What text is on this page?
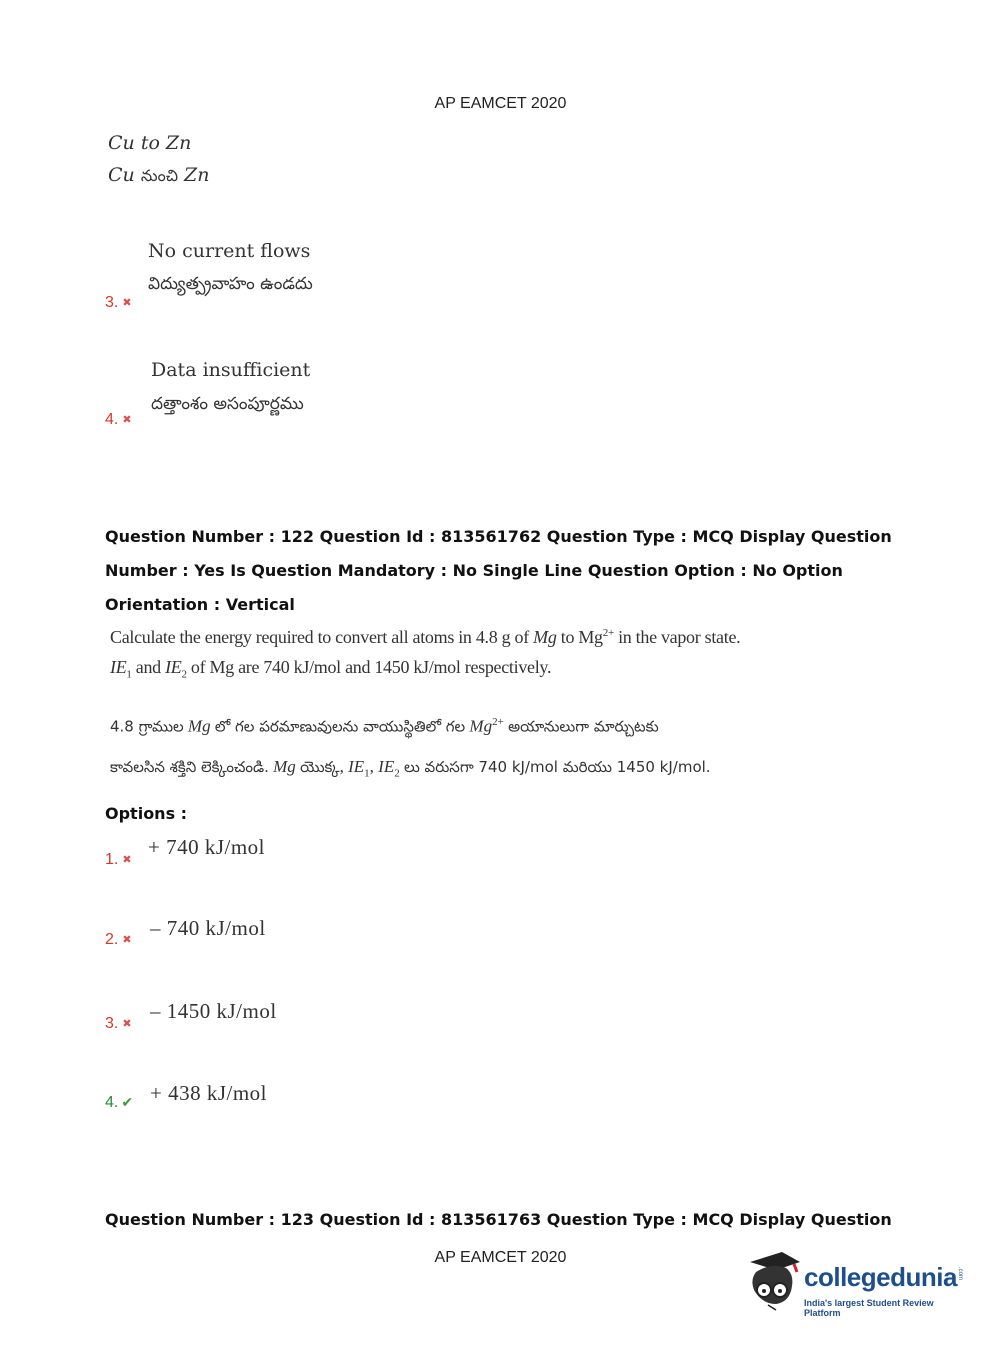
AP EAMCET 2020
Cu to Zn
Cu నుంచి Zn
No current flows
విద్యుత్ప్రవాహం ఉండదు
3. ✖
Data insufficient
దత్తాంశం అసంపూర్ణము
4. ✖
Question Number : 122 Question Id : 813561762 Question Type : MCQ Display Question
Number : Yes Is Question Mandatory : No Single Line Question Option : No Option
Orientation : Vertical
Calculate the energy required to convert all atoms in 4.8 g of Mg to $Mg^{2+}$ in the vapor state.
$IE_1$ and $IE_2$ of Mg are 740 kJ/mol and 1450 kJ/mol respectively.
4.8 గ్రాముల Mg లో గల పరమాణువులను వాయుస్థితిలో గల $Mg^{2+}$ అయానులుగా మార్చుటకు
కావలసిన శక్తిని లెక్కించండి. Mg యొక్క, $IE_1$, $IE_2$ లు వరుసగా 740 kJ/mol మరియు 1450 kJ/mol.
Options :
+ 740 kJ/mol
1. ✖
– 740 kJ/mol
2. ✖
– 1450 kJ/mol
3. ✖
+ 438 kJ/mol
4. ✔
Question Number : 123 Question Id : 813561763 Question Type : MCQ Display Question
AP EAMCET 2020
collegedunia .com
India's largest Student Review Platform
